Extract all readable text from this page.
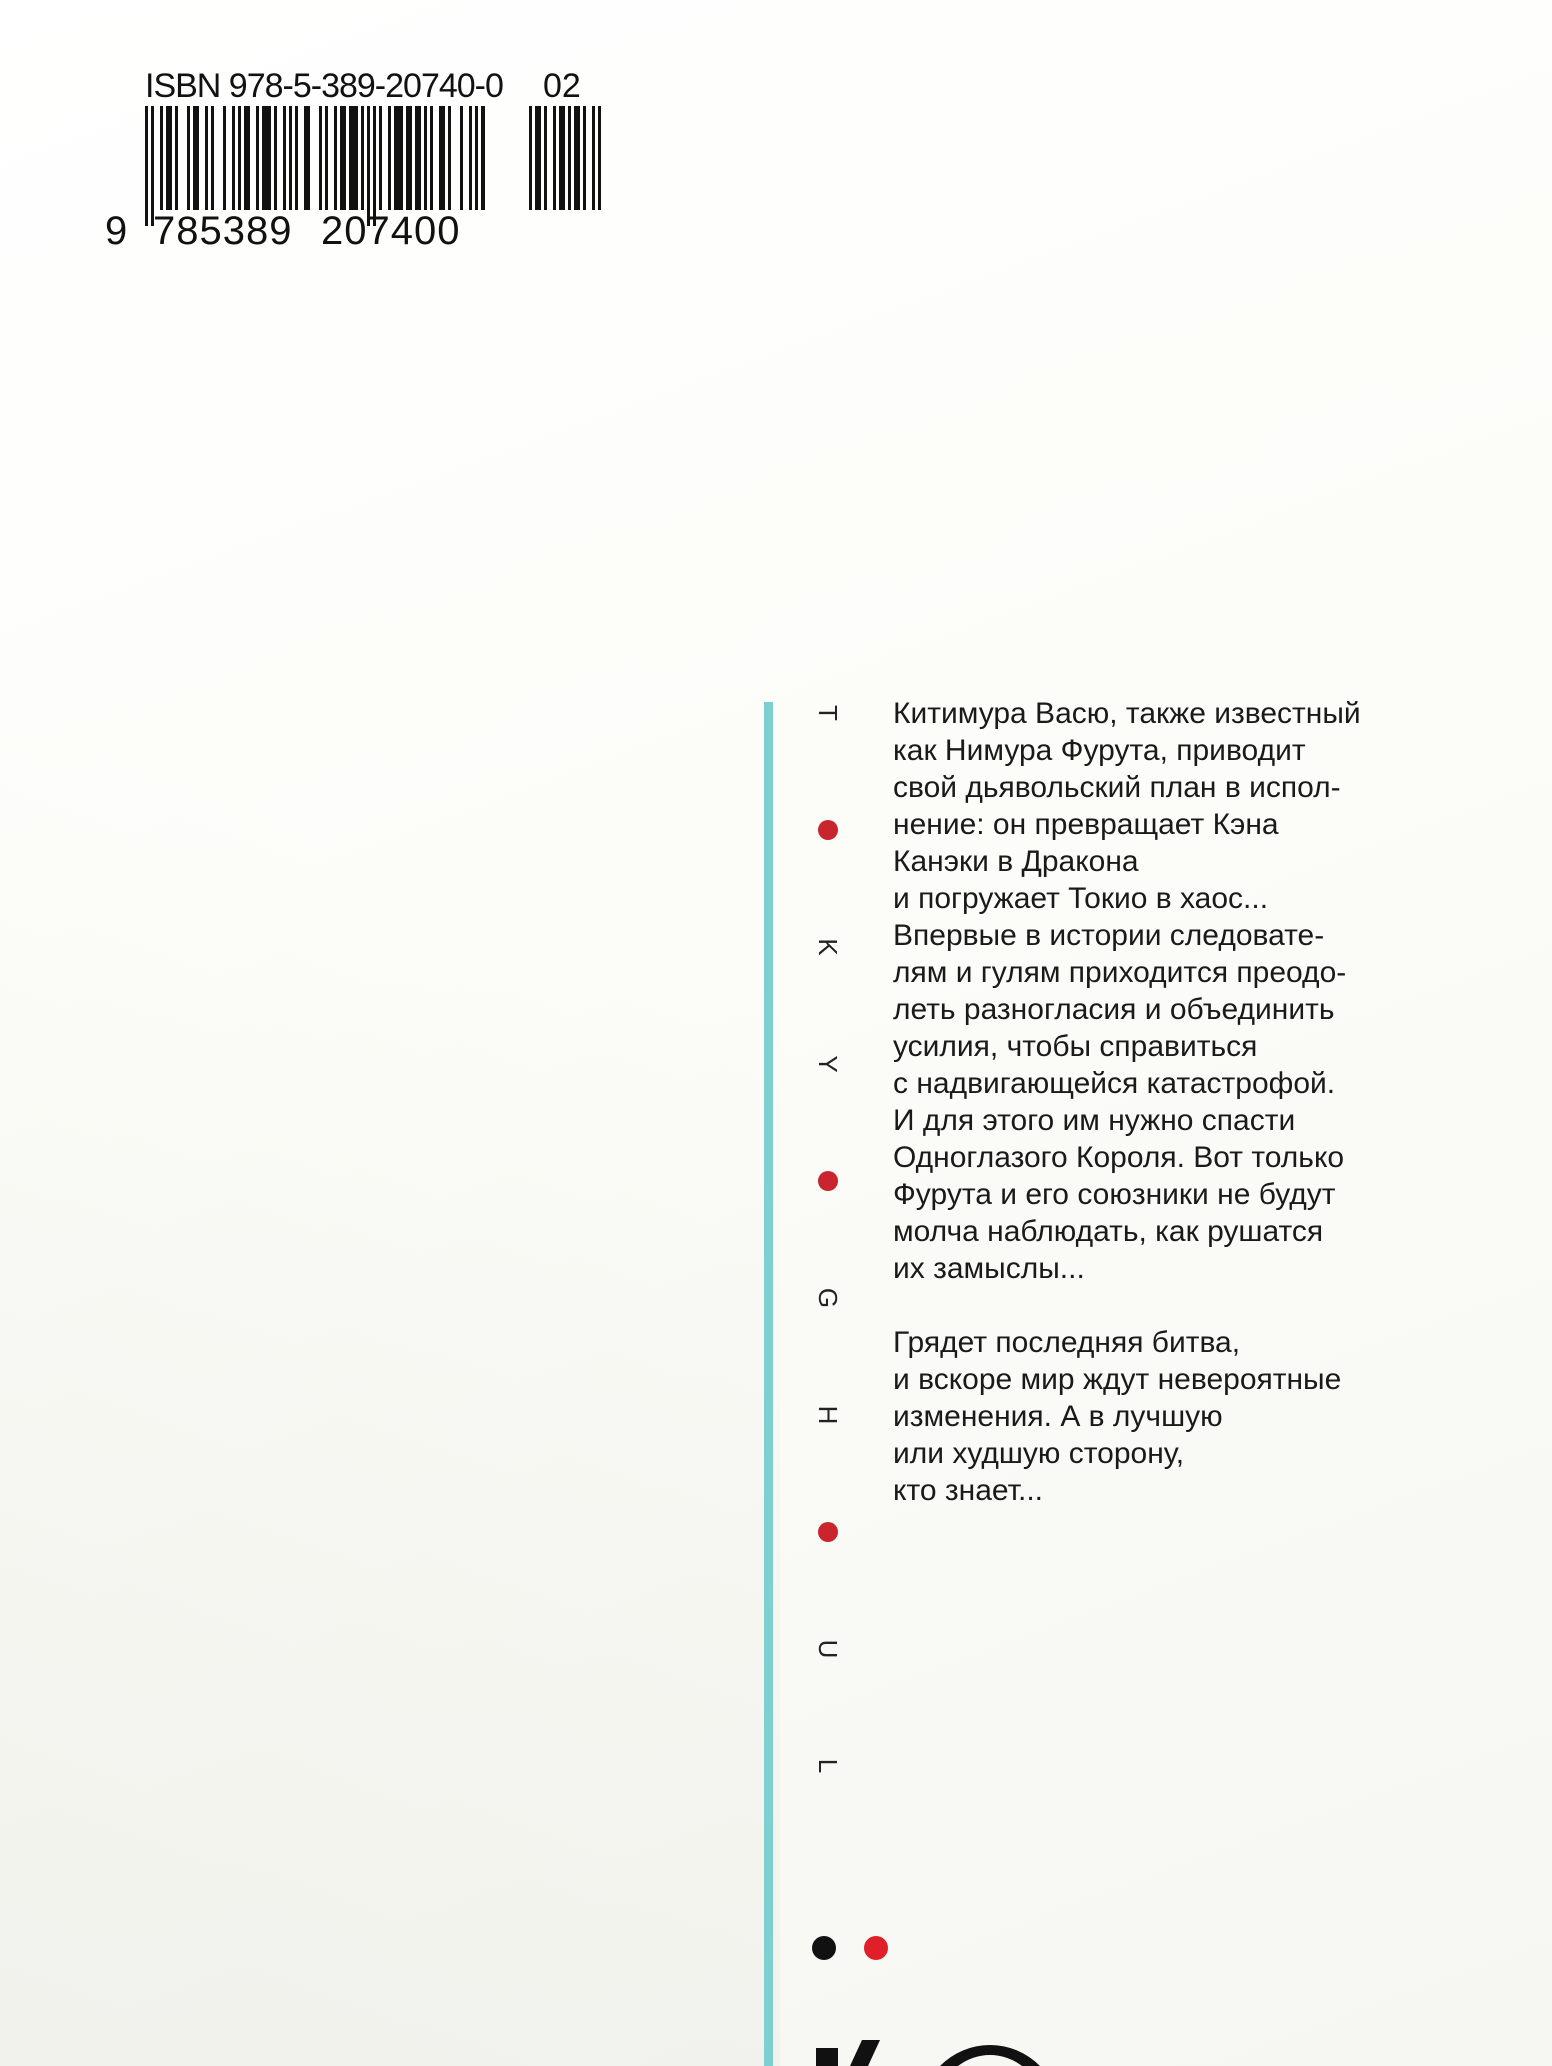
ISBN 978-5-389-20740-0 02
9 785389 207400
T
K
Y
G
H
U
L

Китимура Васю, также известный
как Нимура Фурута, приводит
свой дьявольский план в испол-
нение: он превращает Кэна
Канэки в Дракона
и погружает Токио в хаос...
Впервые в истории следовате-
лям и гулям приходится преодо-
леть разногласия и объединить
усилия, чтобы справиться
с надвигающейся катастрофой.
И для этого им нужно спасти
Одноглазого Короля. Вот только
Фурута и его союзники не будут
молча наблюдать, как рушатся
их замыслы...

Грядет последняя битва,
и вскоре мир ждут невероятные
изменения. А в лучшую
или худшую сторону,
кто знает...
